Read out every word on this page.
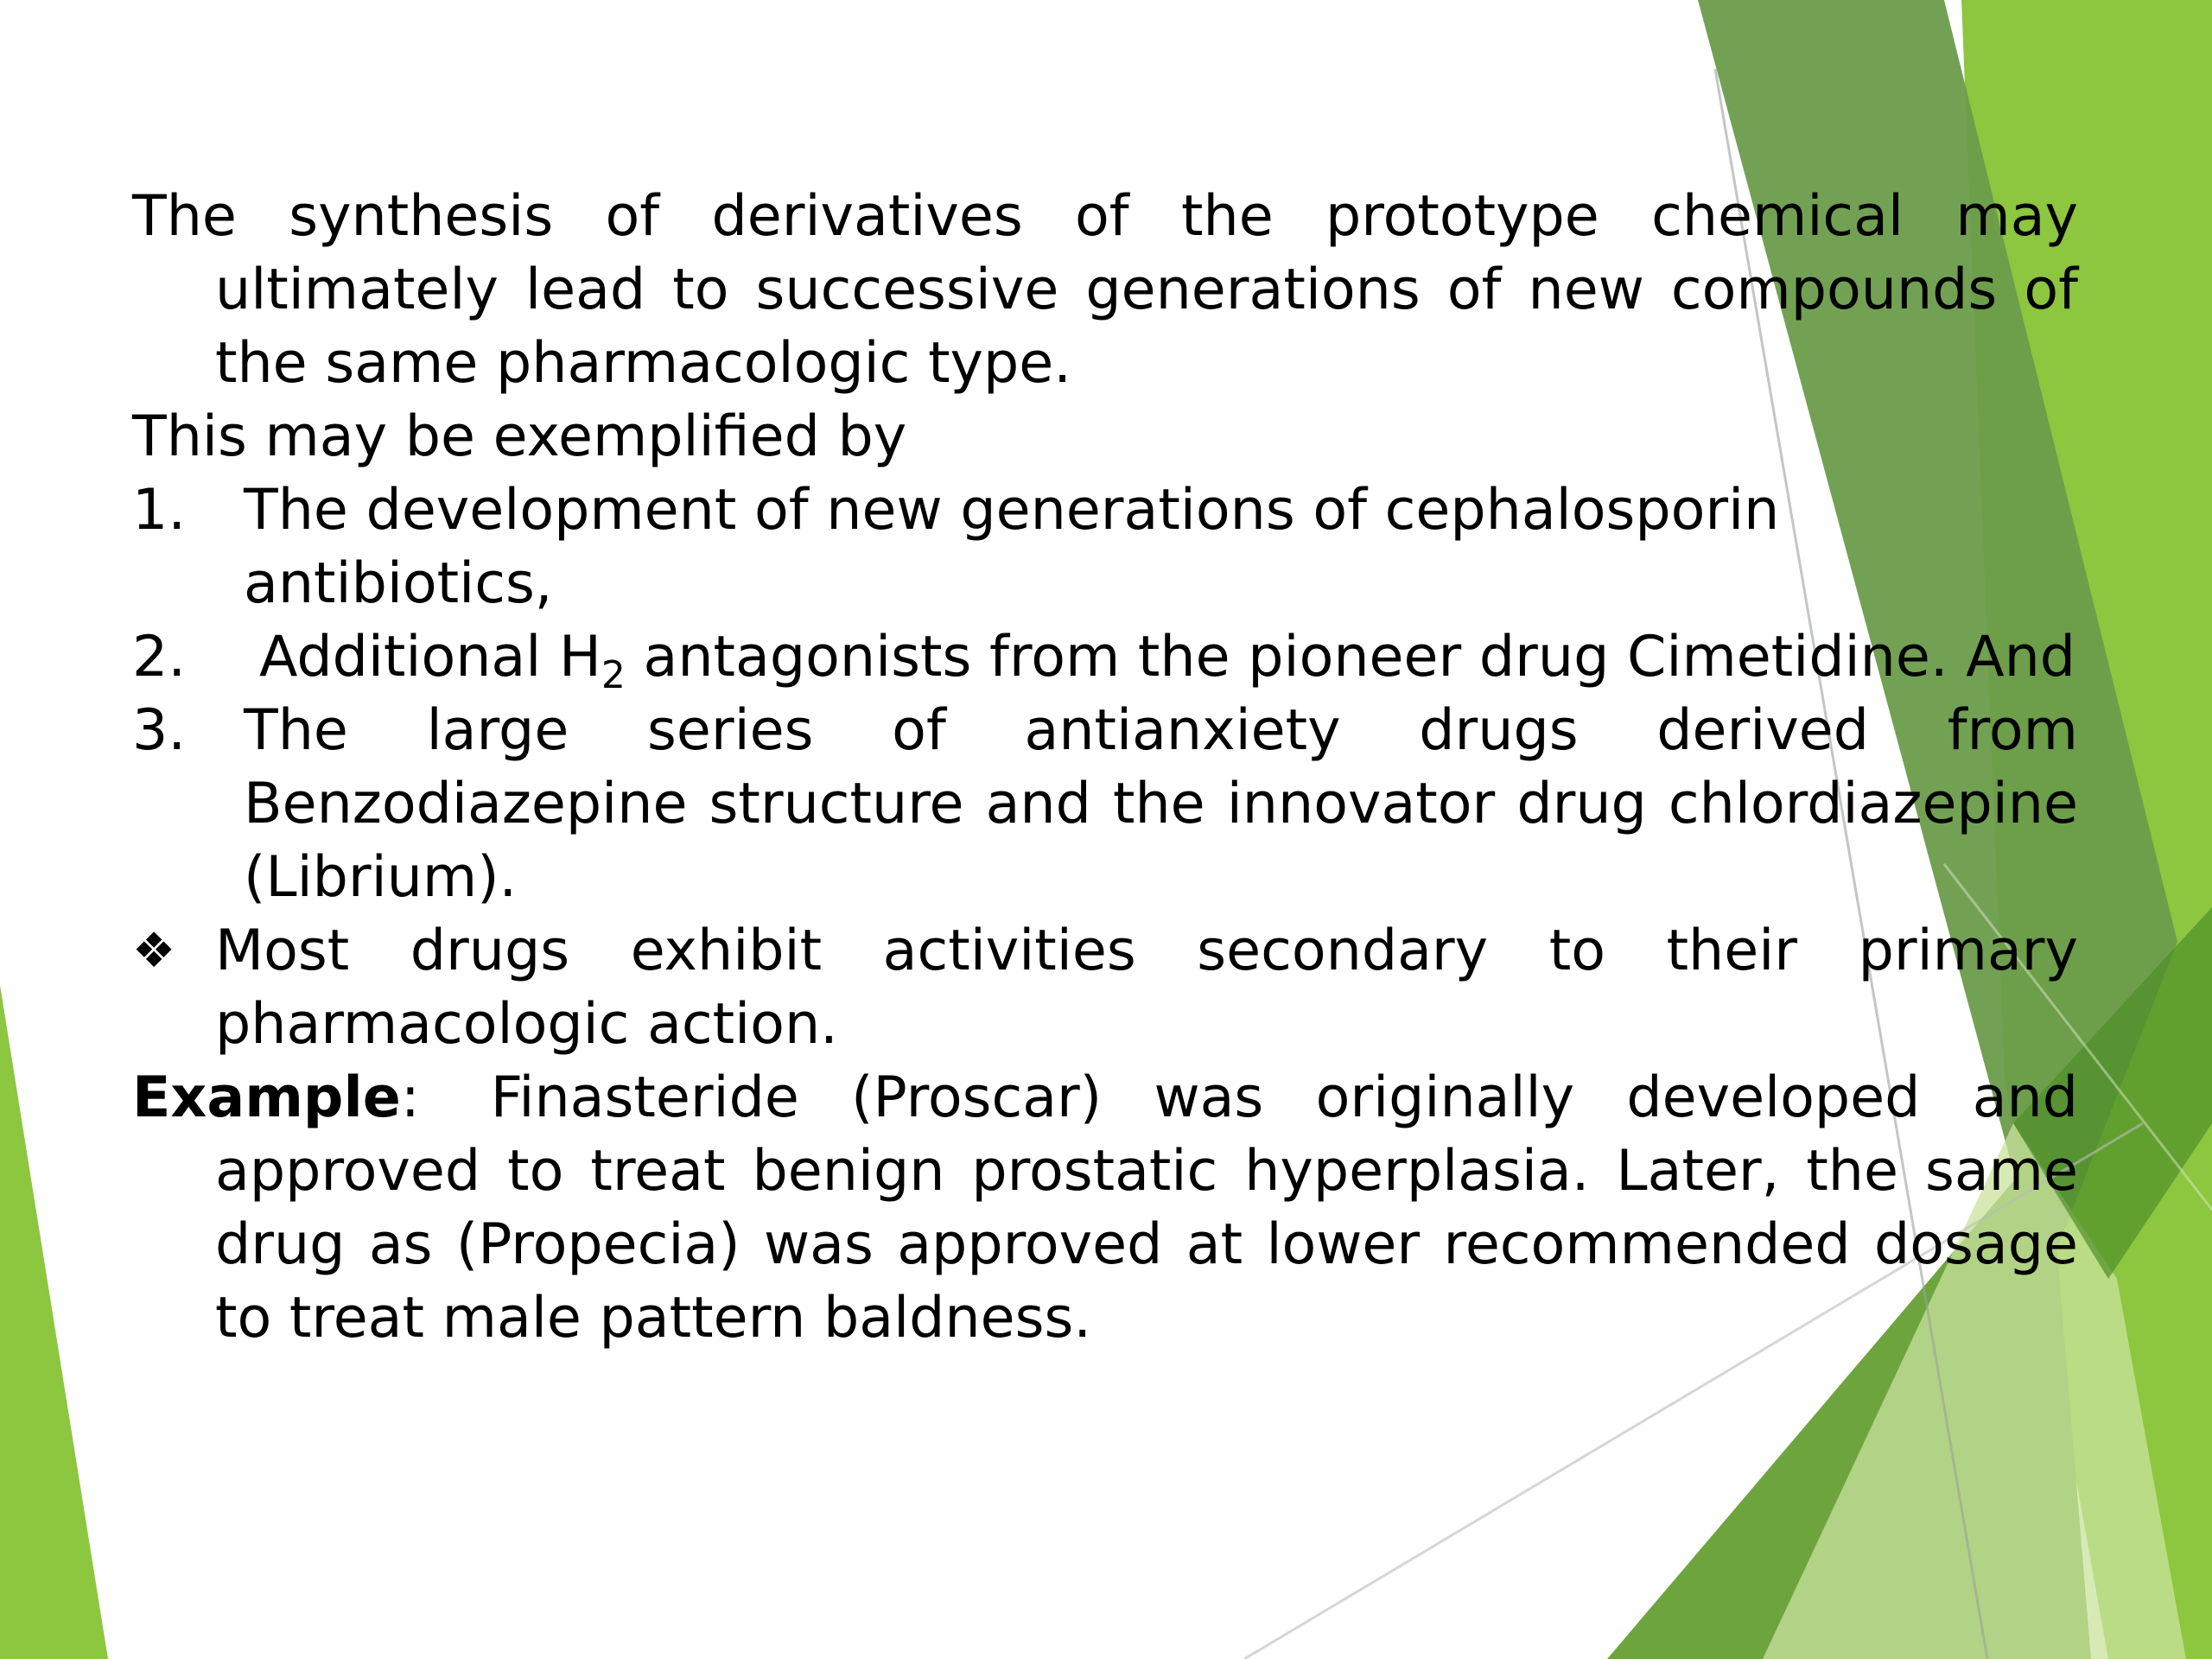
The synthesis of derivatives of the prototype chemical may ultimately lead to successive generations of new compounds of the same pharmacologic type.

This may be exemplified by

1. The development of new generations of cephalosporin antibiotics,
2. Additional $H_2$ antagonists from the pioneer drug Cimetidine. And
3. The large series of antianxiety drugs derived from Benzodiazepine structure and the innovator drug chlordiazepine (Librium).
❖ Most drugs exhibit activities secondary to their primary pharmacologic action.

Example: Finasteride (Proscar) was originally developed and approved to treat benign prostatic hyperplasia. Later, the same drug as (Propecia) was approved at lower recommended dosage to treat male pattern baldness.
